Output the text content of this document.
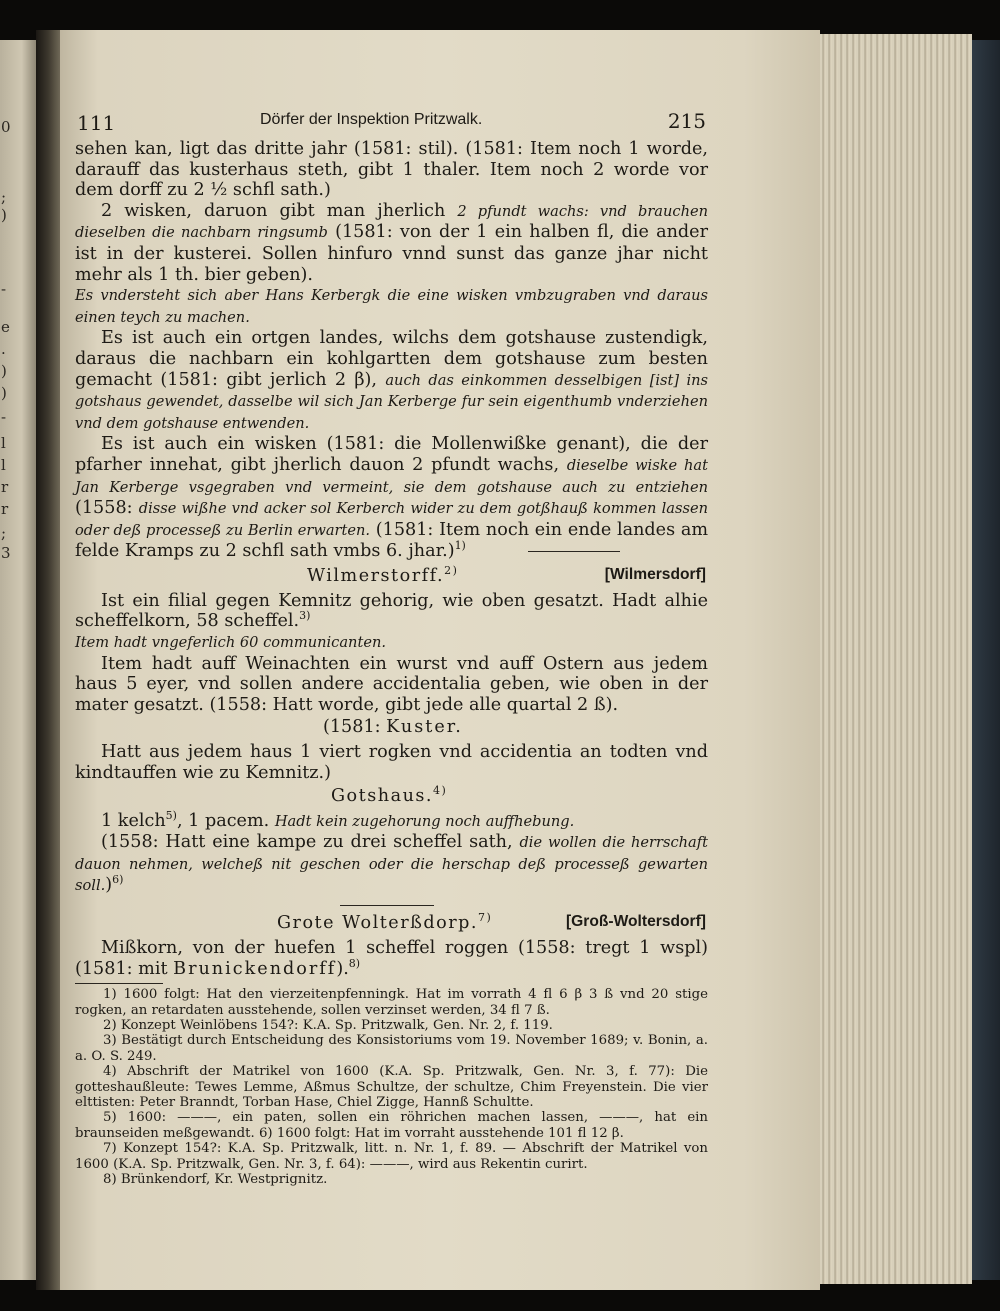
0
;
)
-
e
.
)
)
-
l
l
r
r
;
3
111	Dörfer der Inspektion Pritzwalk.	215

sehen kan, ligt das dritte jahr (1581: stil). (1581: Item noch 1 worde, darauff das kusterhaus steth, gibt 1 thaler. Item noch 2 worde vor dem dorff zu 2 ½ schfl sath.)

2 wisken, daruon gibt man jherlich 2 pfundt wachs: vnd brauchen dieselben die nachbarn ringsumb (1581: von der 1 ein halben fl, die ander ist in der kusterei. Sollen hinfuro vnnd sunst das ganze jhar nicht mehr als 1 th. bier geben).

Es vndersteht sich aber Hans Kerbergk die eine wisken vmbzugraben vnd daraus einen teych zu machen.

Es ist auch ein ortgen landes, wilchs dem gotshause zustendigk, daraus die nachbarn ein kohlgartten dem gotshause zum besten gemacht (1581: gibt jerlich 2 β), auch das einkommen desselbigen [ist] ins gotshaus gewendet, dasselbe wil sich Jan Kerberge fur sein eigenthumb vnderziehen vnd dem gotshause entwenden.

Es ist auch ein wisken (1581: die Mollenwißke genant), die der pfarher innehat, gibt jherlich dauon 2 pfundt wachs, dieselbe wiske hat Jan Kerberge vsgegraben vnd vermeint, sie dem gotshause auch zu entziehen (1558: disse wißhe vnd acker sol Kerberch wider zu dem gotßhauß kommen lassen oder deß processeß zu Berlin erwarten. (1581: Item noch ein ende landes am felde Kramps zu 2 schfl sath vmbs 6. jhar.)$^{1)}$

Wilmerstorff.$^{2)}$	[Wilmersdorf]

Ist ein filial gegen Kemnitz gehorig, wie oben gesatzt. Hadt alhie scheffelkorn, 58 scheffel.$^{3)}$

Item hadt vngeferlich 60 communicanten.

Item hadt auff Weinachten ein wurst vnd auff Ostern aus jedem haus 5 eyer, vnd sollen andere accidentalia geben, wie oben in der mater gesatzt. (1558: Hatt worde, gibt jede alle quartal 2 ß).

(1581: Kuster.

Hatt aus jedem haus 1 viert rogken vnd accidentia an todten vnd kindtauffen wie zu Kemnitz.)

Gotshaus.$^{4)}$

1 kelch$^{5)}$, 1 pacem. Hadt kein zugehorung noch auffhebung.

(1558: Hatt eine kampe zu drei scheffel sath, die wollen die herrschaft dauon nehmen, welcheß nit geschen oder die herschap deß processeß gewarten soll.)$^{6)}$

Grote Wolterßdorp.$^{7)}$	[Groß-Woltersdorf]

Mißkorn, von der huefen 1 scheffel roggen (1558: tregt 1 wspl) (1581: mit Brunickendorff).$^{8)}$

1) 1600 folgt: Hat den vierzeitenpfenningk. Hat im vorrath 4 fl 6 β 3 ß vnd 20 stige rogken, an retardaten ausstehende, sollen verzinset werden, 34 fl 7 ß.

2) Konzept Weinlöbens 154?: K.A. Sp. Pritzwalk, Gen. Nr. 2, f. 119.

3) Bestätigt durch Entscheidung des Konsistoriums vom 19. November 1689; v. Bonin, a. a. O. S. 249.

4) Abschrift der Matrikel von 1600 (K.A. Sp. Pritzwalk, Gen. Nr. 3, f. 77): Die gotteshaußleute: Tewes Lemme, Aßmus Schultze, der schultze, Chim Freyenstein. Die vier elttisten: Peter Branndt, Torban Hase, Chiel Zigge, Hannß Schultte.

5) 1600: ———, ein paten, sollen ein röhrichen machen lassen, ———, hat ein braunseiden meßgewandt. 6) 1600 folgt: Hat im vorraht ausstehende 101 fl 12 β.

7) Konzept 154?: K.A. Sp. Pritzwalk, litt. n. Nr. 1, f. 89. — Abschrift der Matrikel von 1600 (K.A. Sp. Pritzwalk, Gen. Nr. 3, f. 64): ———, wird aus Rekentin curirt.

8) Brünkendorf, Kr. Westprignitz.
